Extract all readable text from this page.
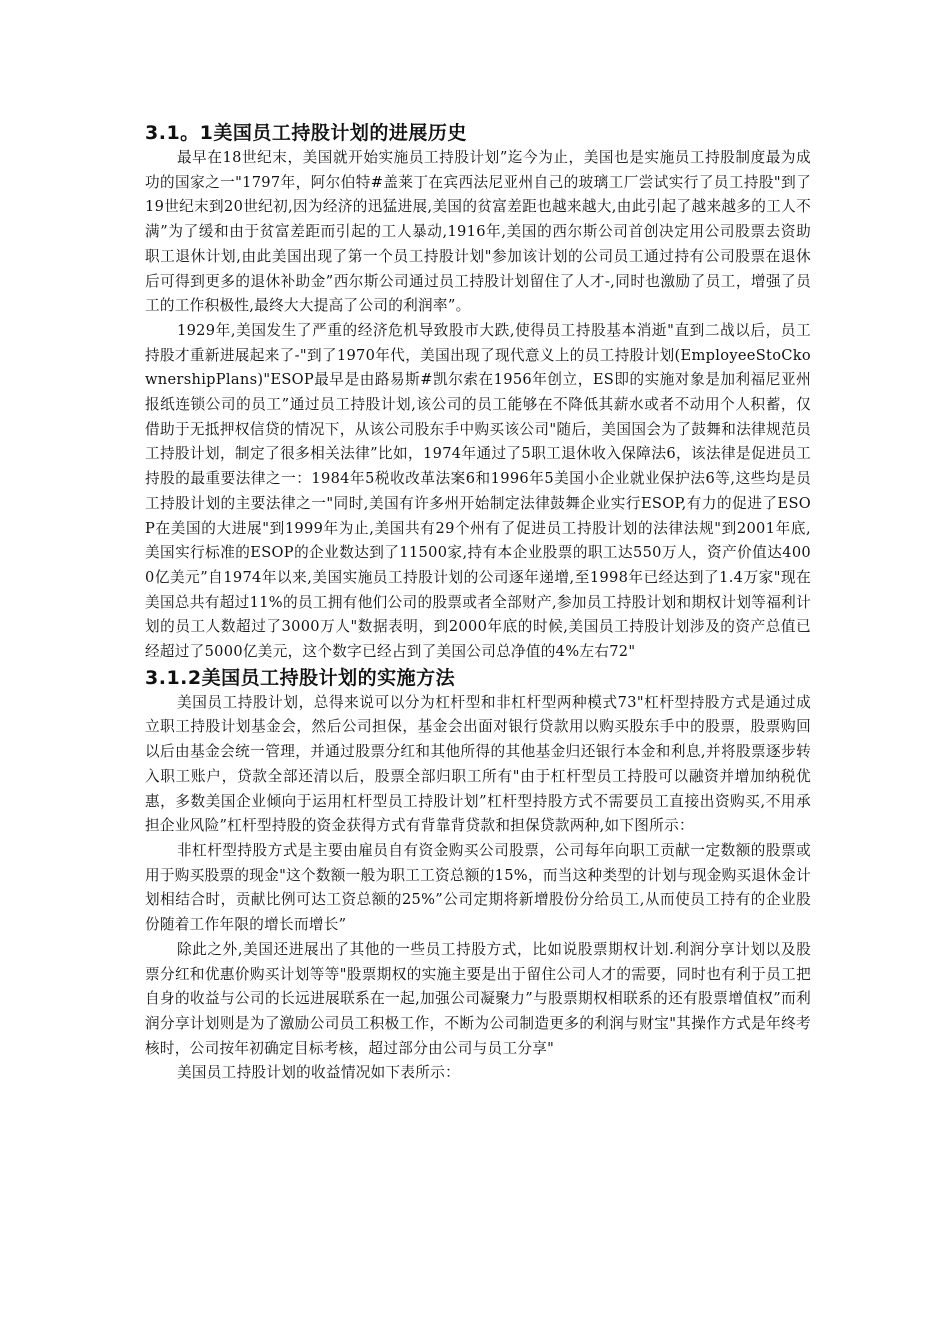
3.1。1美国员工持股计划的进展历史

最早在18世纪末，美国就开始实施员工持股计划”迄今为止，美国也是实施员工持股制度最为成功的国家之一"1797年，阿尔伯特#盖莱丁在宾西法尼亚州自己的玻璃工厂尝试实行了员工持股"到了19世纪末到20世纪初,因为经济的迅猛进展,美国的贫富差距也越来越大,由此引起了越来越多的工人不满”为了缓和由于贫富差距而引起的工人暴动,1916年,美国的西尔斯公司首创决定用公司股票去资助职工退休计划,由此美国出现了第一个员工持股计划"参加该计划的公司员工通过持有公司股票在退休后可得到更多的退休补助金”西尔斯公司通过员工持股计划留住了人才-,同时也激励了员工，增强了员工的工作积极性,最终大大提高了公司的利润率”。

1929年,美国发生了严重的经济危机导致股市大跌,使得员工持股基本消逝"直到二战以后，员工持股才重新进展起来了-"到了1970年代，美国出现了现代意义上的员工持股计划(EmployeeStoCkownershipPlans)"ESOP最早是由路易斯#凯尔索在1956年创立，ES即的实施对象是加利福尼亚州报纸连锁公司的员工”通过员工持股计划,该公司的员工能够在不降低其薪水或者不动用个人积蓄，仅借助于无抵押权信贷的情况下，从该公司股东手中购买该公司"随后，美国国会为了鼓舞和法律规范员工持股计划，制定了很多相关法律”比如，1974年通过了5职工退休收入保障法6，该法律是促进员工持股的最重要法律之一：1984年5税收改革法案6和1996年5美国小企业就业保护法6等,这些均是员工持股计划的主要法律之一"同时,美国有许多州开始制定法律鼓舞企业实行ESOP,有力的促进了ESOP在美国的大进展"到1999年为止,美国共有29个州有了促进员工持股计划的法律法规"到2001年底,美国实行标准的ESOP的企业数达到了11500家,持有本企业股票的职工达550万人，资产价值达4000亿美元”自1974年以来,美国实施员工持股计划的公司逐年递增,至1998年已经达到了1.4万家"现在美国总共有超过11%的员工拥有他们公司的股票或者全部财产,参加员工持股计划和期权计划等福利计划的员工人数超过了3000万人"数据表明，到2000年底的时候,美国员工持股计划涉及的资产总值已经超过了5000亿美元，这个数字已经占到了美国公司总净值的4%左右72"

3.1.2美国员工持股计划的实施方法

美国员工持股计划，总得来说可以分为杠杆型和非杠杆型两种模式73"杠杆型持股方式是通过成立职工持股计划基金会，然后公司担保，基金会出面对银行贷款用以购买股东手中的股票，股票购回以后由基金会统一管理，并通过股票分红和其他所得的其他基金归还银行本金和利息,并将股票逐步转入职工账户，贷款全部还清以后，股票全部归职工所有"由于杠杆型员工持股可以融资并增加纳税优惠，多数美国企业倾向于运用杠杆型员工持股计划”杠杆型持股方式不需要员工直接出资购买,不用承担企业风险”杠杆型持股的资金获得方式有背靠背贷款和担保贷款两种,如下图所示：

非杠杆型持股方式是主要由雇员自有资金购买公司股票，公司每年向职工贡献一定数额的股票或用于购买股票的现金"这个数额一般为职工工资总额的15%，而当这种类型的计划与现金购买退休金计划相结合时，贡献比例可达工资总额的25%”公司定期将新增股份分给员工,从而使员工持有的企业股份随着工作年限的增长而增长”

除此之外,美国还进展出了其他的一些员工持股方式，比如说股票期权计划.利润分享计划以及股票分红和优惠价购买计划等等"股票期权的实施主要是出于留住公司人才的需要，同时也有利于员工把自身的收益与公司的长远进展联系在一起,加强公司凝聚力”与股票期权相联系的还有股票增值权”而利润分享计划则是为了激励公司员工积极工作，不断为公司制造更多的利润与财宝"其操作方式是年终考核时，公司按年初确定目标考核，超过部分由公司与员工分享"

美国员工持股计划的收益情况如下表所示：
